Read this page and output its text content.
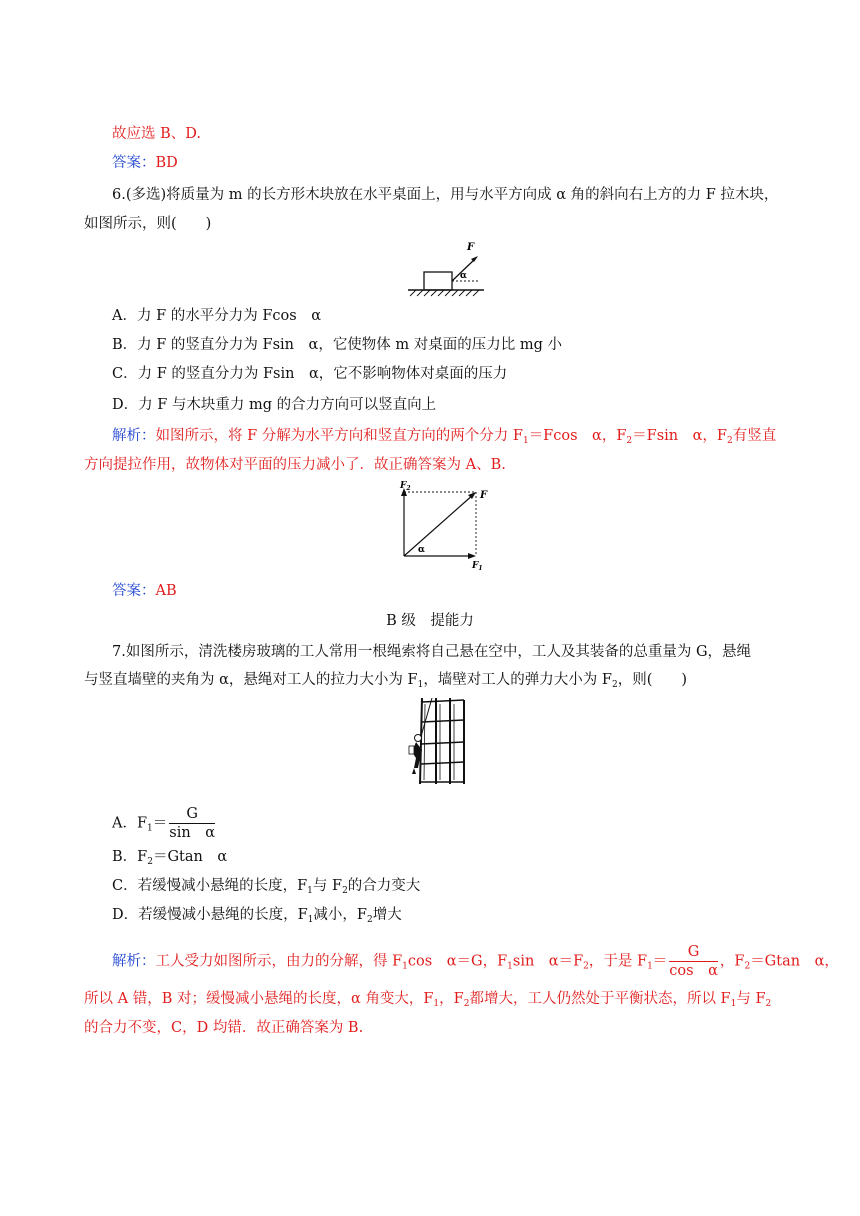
故应选 B、D.
答案：BD
6.(多选)将质量为 m 的长方形木块放在水平桌面上，用与水平方向成 α 角的斜向右上方的力 F 拉木块，
如图所示，则(　　)
F
α
A．力 F 的水平分力为 Fcos　α
B．力 F 的竖直分力为 Fsin　α，它使物体 m 对桌面的压力比 mg 小
C．力 F 的竖直分力为 Fsin　α，它不影响物体对桌面的压力
D．力 F 与木块重力 mg 的合力方向可以竖直向上
解析：如图所示，将 F 分解为水平方向和竖直方向的两个分力 $F_1=Fcos$　α，$F_2=Fsin$　α，$F_2$有竖直
方向提拉作用，故物体对平面的压力减小了．故正确答案为 A、B.
$F_2$
F
$F_1$
α
答案：AB
B 级　提能力
7.如图所示，清洗楼房玻璃的工人常用一根绳索将自己悬在空中，工人及其装备的总重量为 G，悬绳
与竖直墙壁的夹角为 α，悬绳对工人的拉力大小为 $F_1$，墙壁对工人的弹力大小为 $F_2$，则(　　)
A．$F_1= \frac{G}{\text{sin　α}}$
B．$F_2=Gtan$　α
C．若缓慢减小悬绳的长度，$F_1$与 $F_2$的合力变大
D．若缓慢减小悬绳的长度，$F_1$减小，$F_2$增大
解析：工人受力如图所示，由力的分解，得 $F_1\cos$　α＝G，$F_1\sin$　$\alpha=F_2$，于是 $F_1= \frac{G}{\text{cos　α}}$ ，$F_2=Gtan$　α，
所以 A 错，B 对；缓慢减小悬绳的长度，α 角变大，$F_1$，$F_2$都增大，工人仍然处于平衡状态，所以 $F_1$与 $F_2$
的合力不变，C，D 均错．故正确答案为 B.
